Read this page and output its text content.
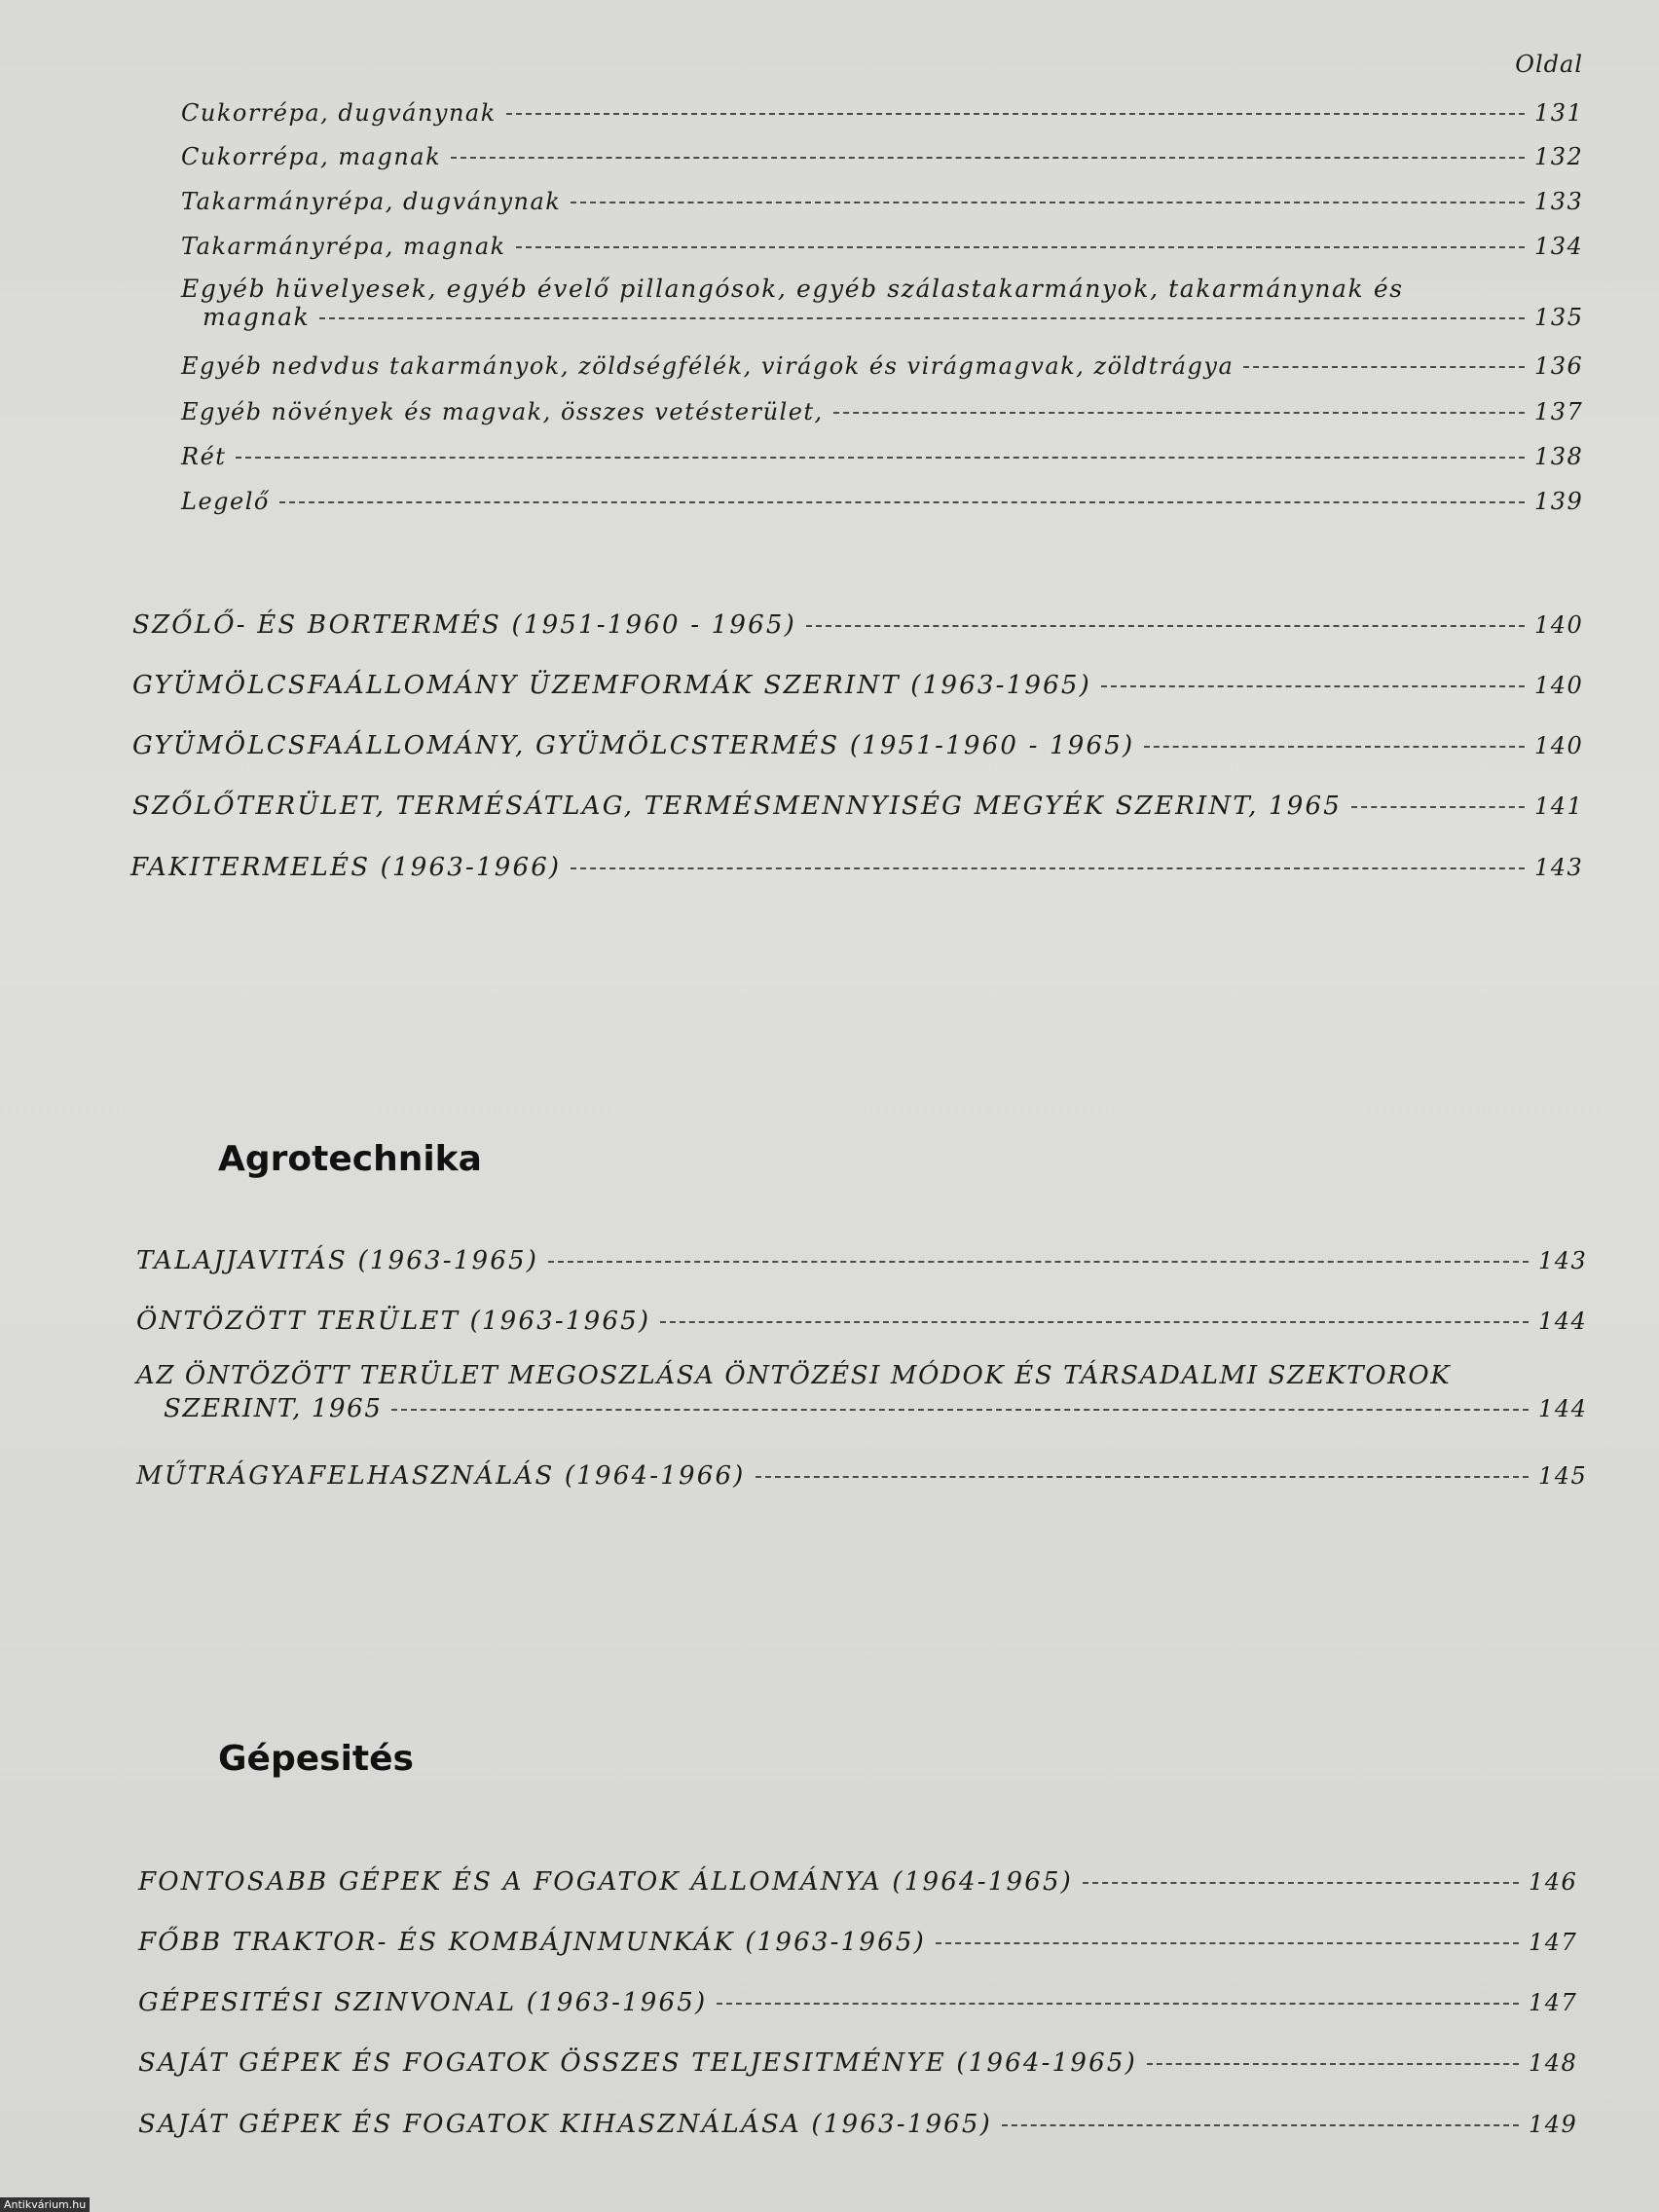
Oldal
Cukorrépa, dugványnak	131
Cukorrépa, magnak	132
Takarmányrépa, dugványnak	133
Takarmányrépa, magnak	134
Egyéb hüvelyesek, egyéb évelő pillangósok, egyéb szálastakarmányok, takarmánynak és
magnak	135
Egyéb nedvdus takarmányok, zöldségfélék, virágok és virágmagvak, zöldtrágya	136
Egyéb növények és magvak, összes vetésterület,	137
Rét	138
Legelő	139
SZŐLŐ- ÉS BORTERMÉS (1951-1960 - 1965)	140
GYÜMÖLCSFAÁLLOMÁNY ÜZEMFORMÁK SZERINT (1963-1965)	140
GYÜMÖLCSFAÁLLOMÁNY, GYÜMÖLCSTERMÉS (1951-1960 - 1965)	140
SZŐLŐTERÜLET, TERMÉSÁTLAG, TERMÉSMENNYISÉG MEGYÉK SZERINT, 1965	141
FAKITERMELÉS (1963-1966)	143
Agrotechnika
TALAJJAVITÁS (1963-1965)	143
ÖNTÖZÖTT TERÜLET (1963-1965)	144
AZ ÖNTÖZÖTT TERÜLET MEGOSZLÁSA ÖNTÖZÉSI MÓDOK ÉS TÁRSADALMI SZEKTOROK
SZERINT, 1965	144
MŰTRÁGYAFELHASZNÁLÁS (1964-1966)	145
Gépesités
FONTOSABB GÉPEK ÉS A FOGATOK ÁLLOMÁNYA (1964-1965)	146
FŐBB TRAKTOR- ÉS KOMBÁJNMUNKÁK (1963-1965)	147
GÉPESITÉSI SZINVONAL (1963-1965)	147
SAJÁT GÉPEK ÉS FOGATOK ÖSSZES TELJESITMÉNYE (1964-1965)	148
SAJÁT GÉPEK ÉS FOGATOK KIHASZNÁLÁSA (1963-1965)	149
Antikvárium.hu
